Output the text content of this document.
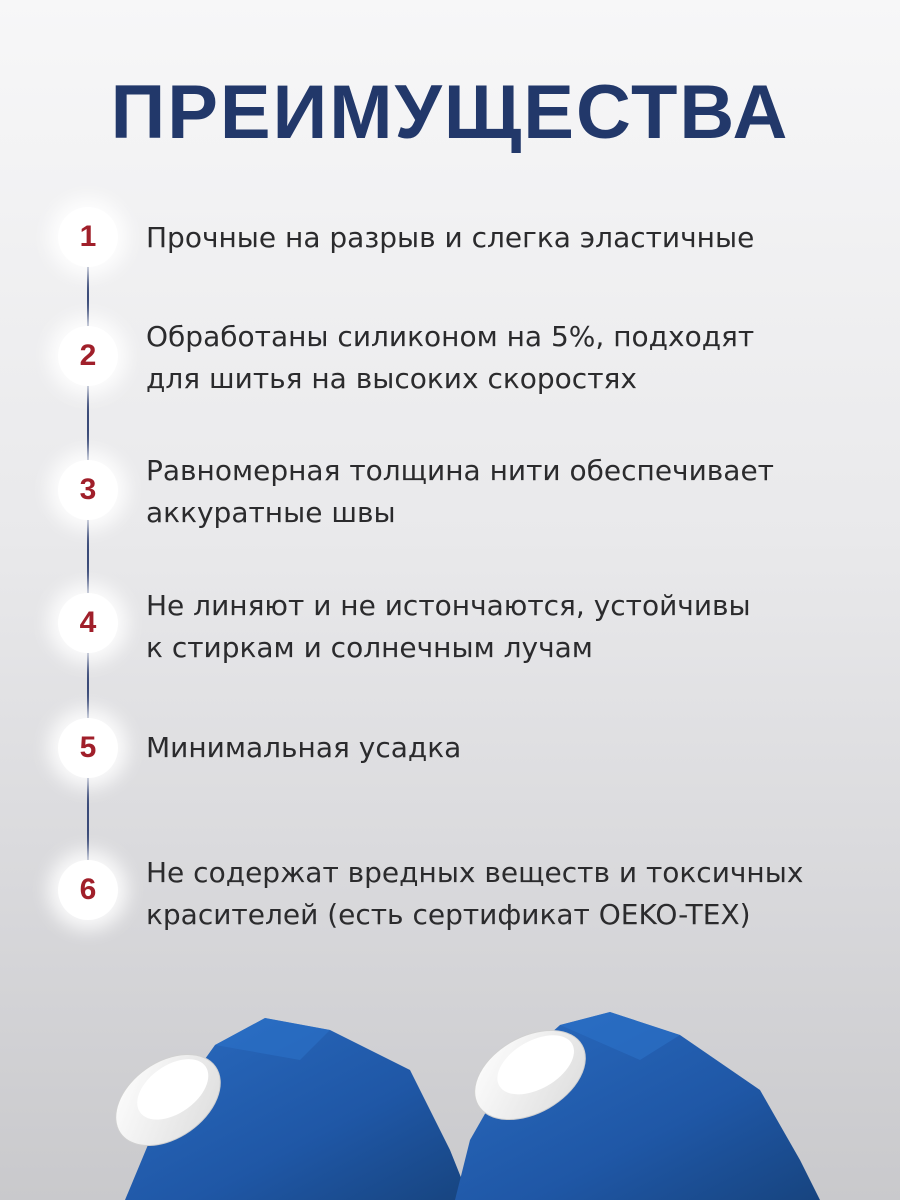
ПРЕИМУЩЕСТВА
1	Прочные на разрыв и слегка эластичные

2

Обработаны силиконом на 5%, подходят
для шитья на высоких скоростях

3

Равномерная толщина нити обеспечивает
аккуратные швы

4

Не линяют и не истончаются, устойчивы
к стиркам и солнечным лучам

5	Минимальная усадка

6

Не содержат вредных веществ и токсичных
красителей (есть сертификат OEKO-TEX)
